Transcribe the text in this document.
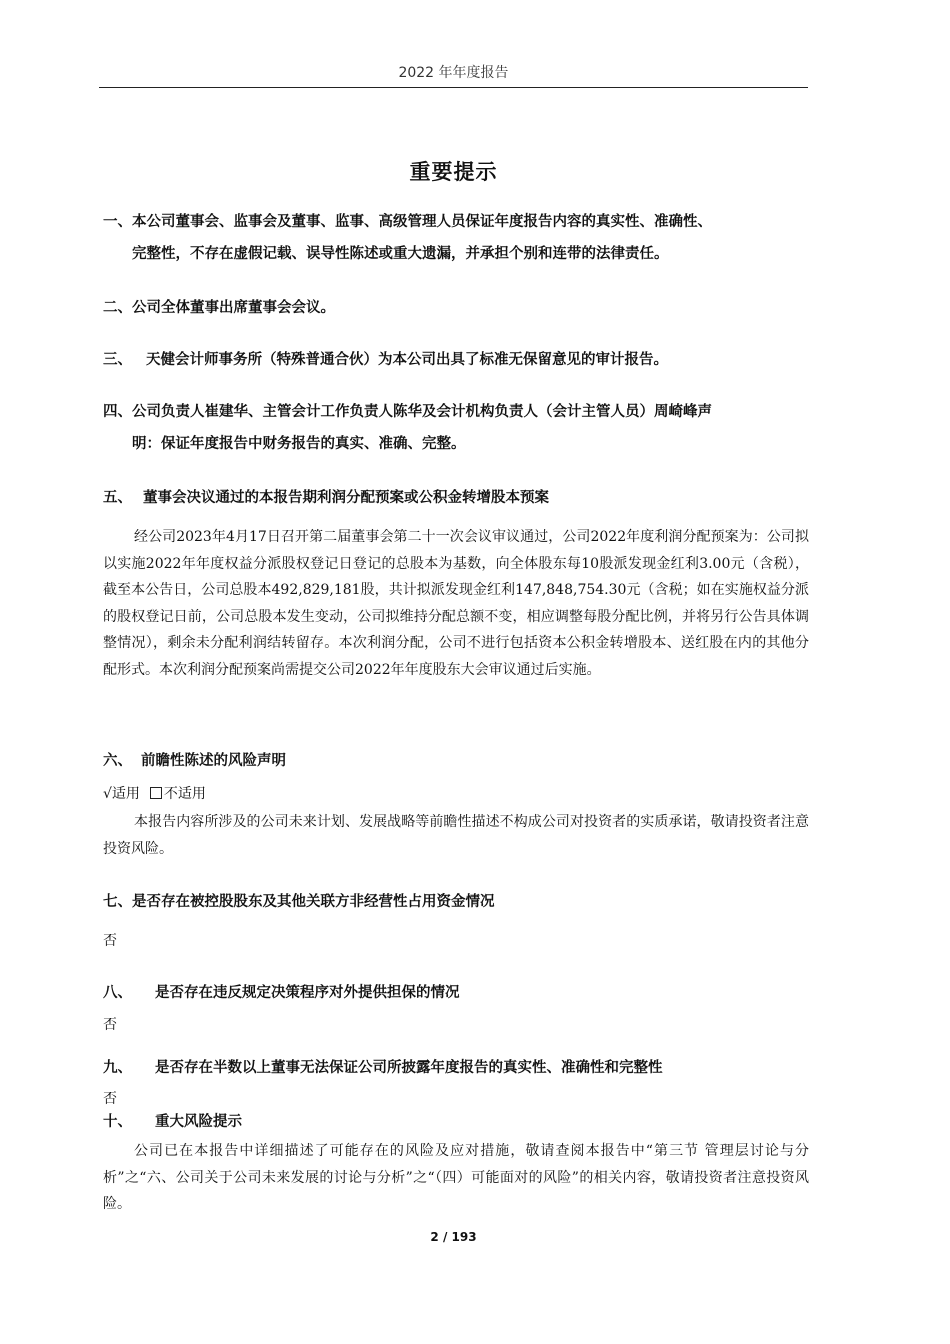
2022 年年度报告
重要提示
一、本公司董事会、监事会及董事、监事、高级管理人员保证年度报告内容的真实性、准确性、
完整性，不存在虚假记载、误导性陈述或重大遗漏，并承担个别和连带的法律责任。
二、公司全体董事出席董事会会议。
三、 天健会计师事务所（特殊普通合伙）为本公司出具了标准无保留意见的审计报告。
四、公司负责人崔建华、主管会计工作负责人陈华及会计机构负责人（会计主管人员）周崎峰声
明：保证年度报告中财务报告的真实、准确、完整。
五、 董事会决议通过的本报告期利润分配预案或公积金转增股本预案
经公司2023年4月17日召开第二届董事会第二十一次会议审议通过，公司2022年度利润分配预案为：公司拟以实施2022年年度权益分派股权登记日登记的总股本为基数，向全体股东每10股派发现金红利3.00元（含税），截至本公告日，公司总股本492,829,181股，共计拟派发现金红利147,848,754.30元（含税；如在实施权益分派的股权登记日前，公司总股本发生变动，公司拟维持分配总额不变，相应调整每股分配比例，并将另行公告具体调整情况），剩余未分配利润结转留存。本次利润分配，公司不进行包括资本公积金转增股本、送红股在内的其他分配形式。本次利润分配预案尚需提交公司2022年年度股东大会审议通过后实施。
六、 前瞻性陈述的风险声明
√适用 不适用
本报告内容所涉及的公司未来计划、发展战略等前瞻性描述不构成公司对投资者的实质承诺，敬请投资者注意投资风险。
七、是否存在被控股股东及其他关联方非经营性占用资金情况
否
八、 是否存在违反规定决策程序对外提供担保的情况
否
九、 是否存在半数以上董事无法保证公司所披露年度报告的真实性、准确性和完整性
否
十、 重大风险提示
公司已在本报告中详细描述了可能存在的风险及应对措施，敬请查阅本报告中“第三节 管理层讨论与分析”之“六、公司关于公司未来发展的讨论与分析”之“（四）可能面对的风险”的相关内容，敬请投资者注意投资风险。
2 / 193
